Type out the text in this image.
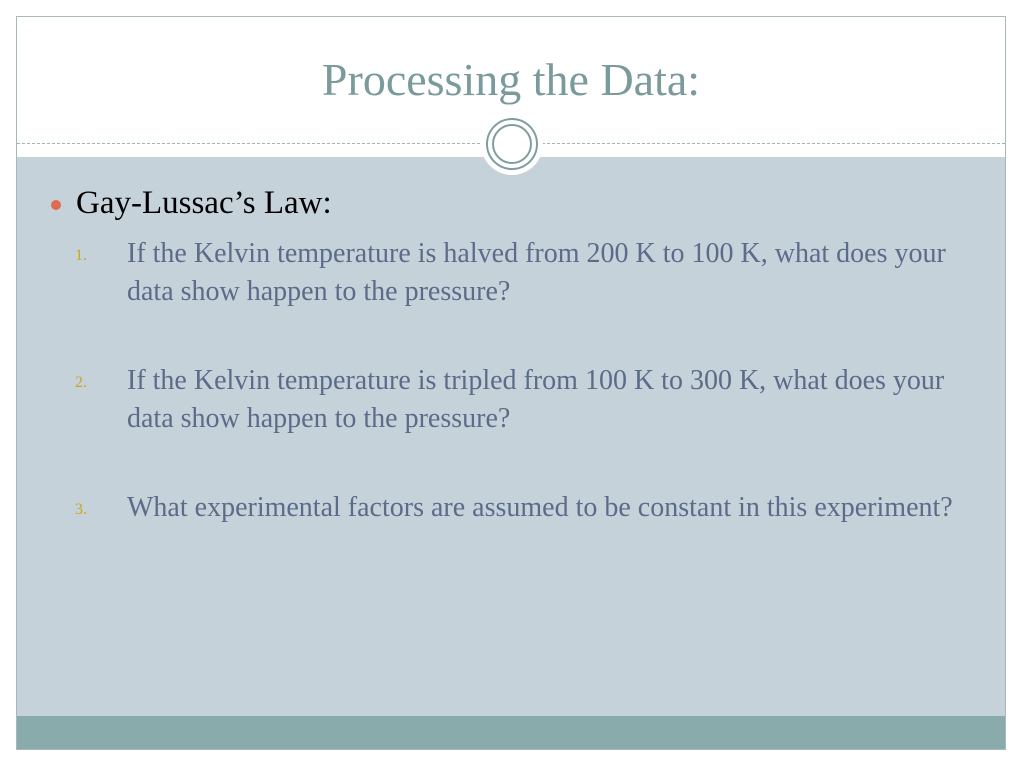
Processing the Data:
Gay-Lussac’s Law:
1.	If the Kelvin temperature is halved from 200 K to 100 K, what does your data show happen to the pressure?
2.	If the Kelvin temperature is tripled from 100 K to 300 K, what does your data show happen to the pressure?
3.	What experimental factors are assumed to be constant in this experiment?
